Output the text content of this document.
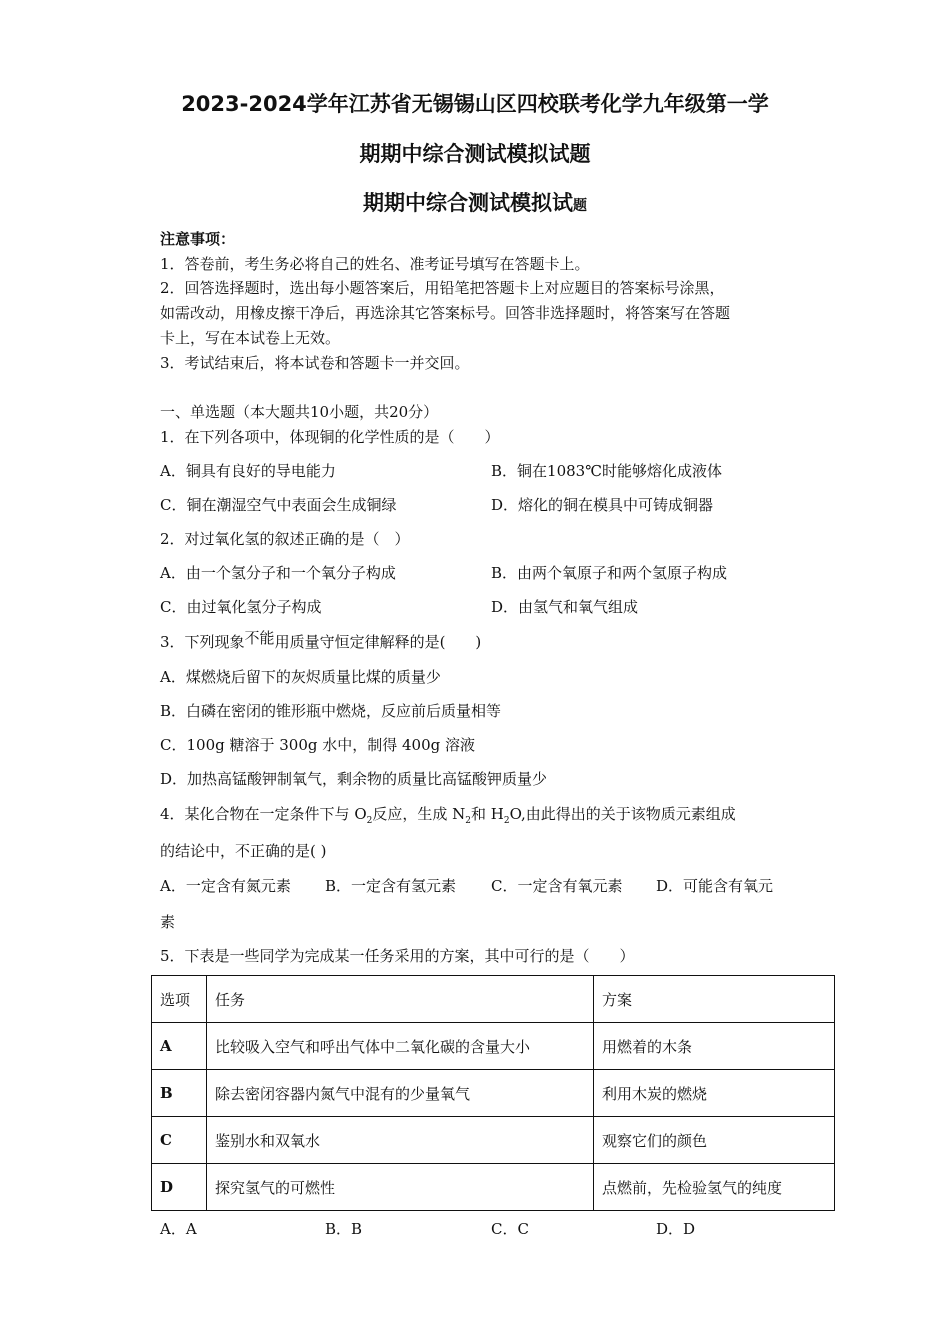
2023-2024学年江苏省无锡锡山区四校联考化学九年级第一学
期期中综合测试模拟试题
期期中综合测试模拟试题
注意事项：
1．答卷前，考生务必将自己的姓名、准考证号填写在答题卡上。
2．回答选择题时，选出每小题答案后，用铅笔把答题卡上对应题目的答案标号涂黑，
如需改动，用橡皮擦干净后，再选涂其它答案标号。回答非选择题时，将答案写在答题
卡上，写在本试卷上无效。
3．考试结束后，将本试卷和答题卡一并交回。
一、单选题（本大题共10小题，共20分）
1．在下列各项中，体现铜的化学性质的是（　　）
A．铜具有良好的导电能力	B．铜在1083℃时能够熔化成液体
C．铜在潮湿空气中表面会生成铜绿	D．熔化的铜在模具中可铸成铜器
2．对过氧化氢的叙述正确的是（　）
A．由一个氢分子和一个氧分子构成	B．由两个氧原子和两个氢原子构成
C．由过氧化氢分子构成	D．由氢气和氧气组成
3．下列现象不能用质量守恒定律解释的是(　　)
A．煤燃烧后留下的灰烬质量比煤的质量少
B．白磷在密闭的锥形瓶中燃烧，反应前后质量相等
C．100g 糖溶于 300g 水中，制得 400g 溶液
D．加热高锰酸钾制氧气，剩余物的质量比高锰酸钾质量少
4．某化合物在一定条件下与 $O_2$反应，生成 $N_2$和 $H_2O$,由此得出的关于该物质元素组成
的结论中，不正确的是( )
A．一定含有氮元素 B．一定含有氢元素 C．一定含有氧元素 D．可能含有氧元
素
5．下表是一些同学为完成某一任务采用的方案，其中可行的是（　　）
选项	任务	方案
A	比较吸入空气和呼出气体中二氧化碳的含量大小	用燃着的木条
B	除去密闭容器内氮气中混有的少量氧气	利用木炭的燃烧
C	鉴别水和双氧水	观察它们的颜色
D	探究氢气的可燃性	点燃前，先检验氢气的纯度
A．A	B．B	C．C	D．D
